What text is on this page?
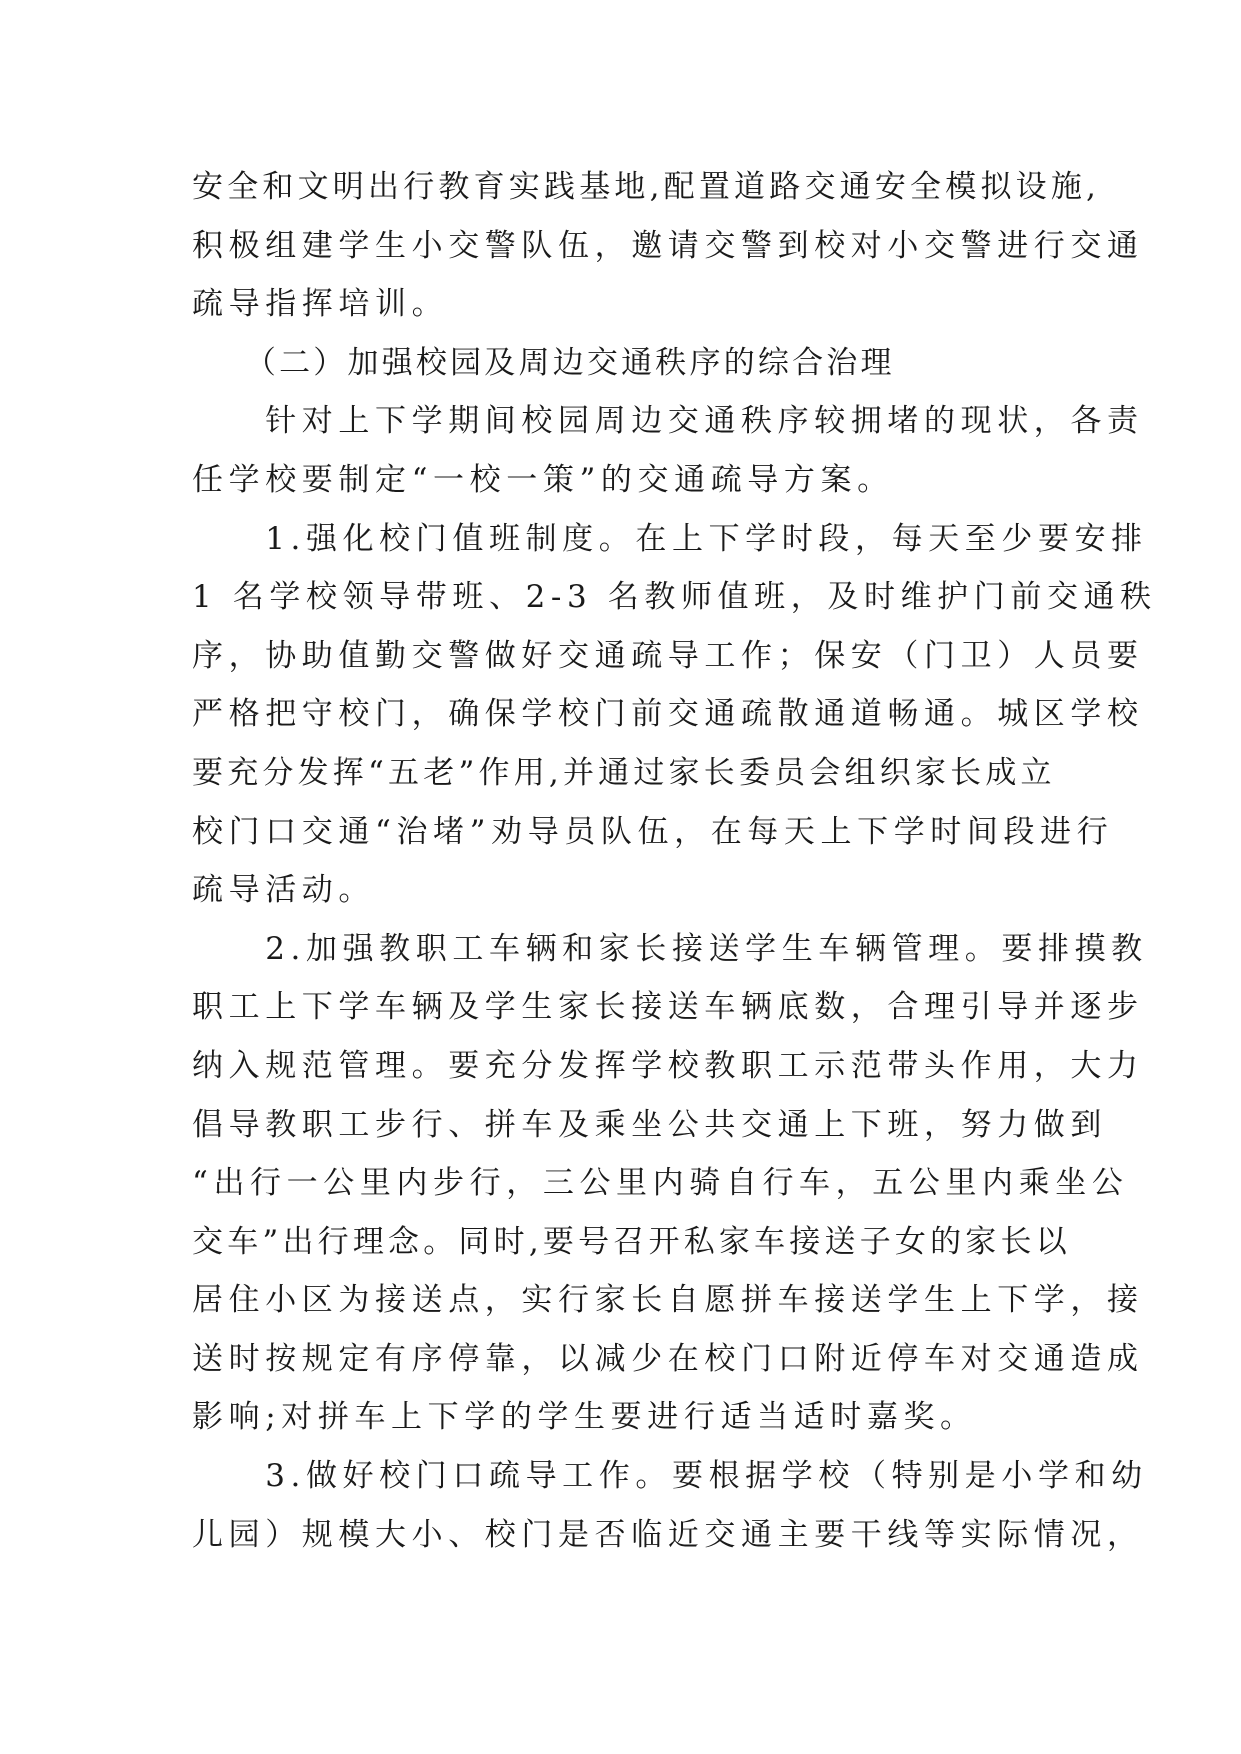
安全和文明出行教育实践基地,配置道路交通安全模拟设施,
积极组建学生小交警队伍，邀请交警到校对小交警进行交通
疏导指挥培训。
　　（二）加强校园及周边交通秩序的综合治理
　　针对上下学期间校园周边交通秩序较拥堵的现状，各责
任学校要制定“一校一策”的交通疏导方案。
　　1.强化校门值班制度。在上下学时段，每天至少要安排
1 名学校领导带班、2-3 名教师值班，及时维护门前交通秩
序，协助值勤交警做好交通疏导工作；保安（门卫）人员要
严格把守校门，确保学校门前交通疏散通道畅通。城区学校
要充分发挥“五老”作用,并通过家长委员会组织家长成立
校门口交通“治堵”劝导员队伍，在每天上下学时间段进行
疏导活动。
　　2.加强教职工车辆和家长接送学生车辆管理。要排摸教
职工上下学车辆及学生家长接送车辆底数，合理引导并逐步
纳入规范管理。要充分发挥学校教职工示范带头作用，大力
倡导教职工步行、拼车及乘坐公共交通上下班，努力做到
“出行一公里内步行，三公里内骑自行车，五公里内乘坐公
交车”出行理念。同时,要号召开私家车接送子女的家长以
居住小区为接送点，实行家长自愿拼车接送学生上下学，接
送时按规定有序停靠，以减少在校门口附近停车对交通造成
影响;对拼车上下学的学生要进行适当适时嘉奖。
　　3.做好校门口疏导工作。要根据学校（特别是小学和幼
儿园）规模大小、校门是否临近交通主要干线等实际情况，
